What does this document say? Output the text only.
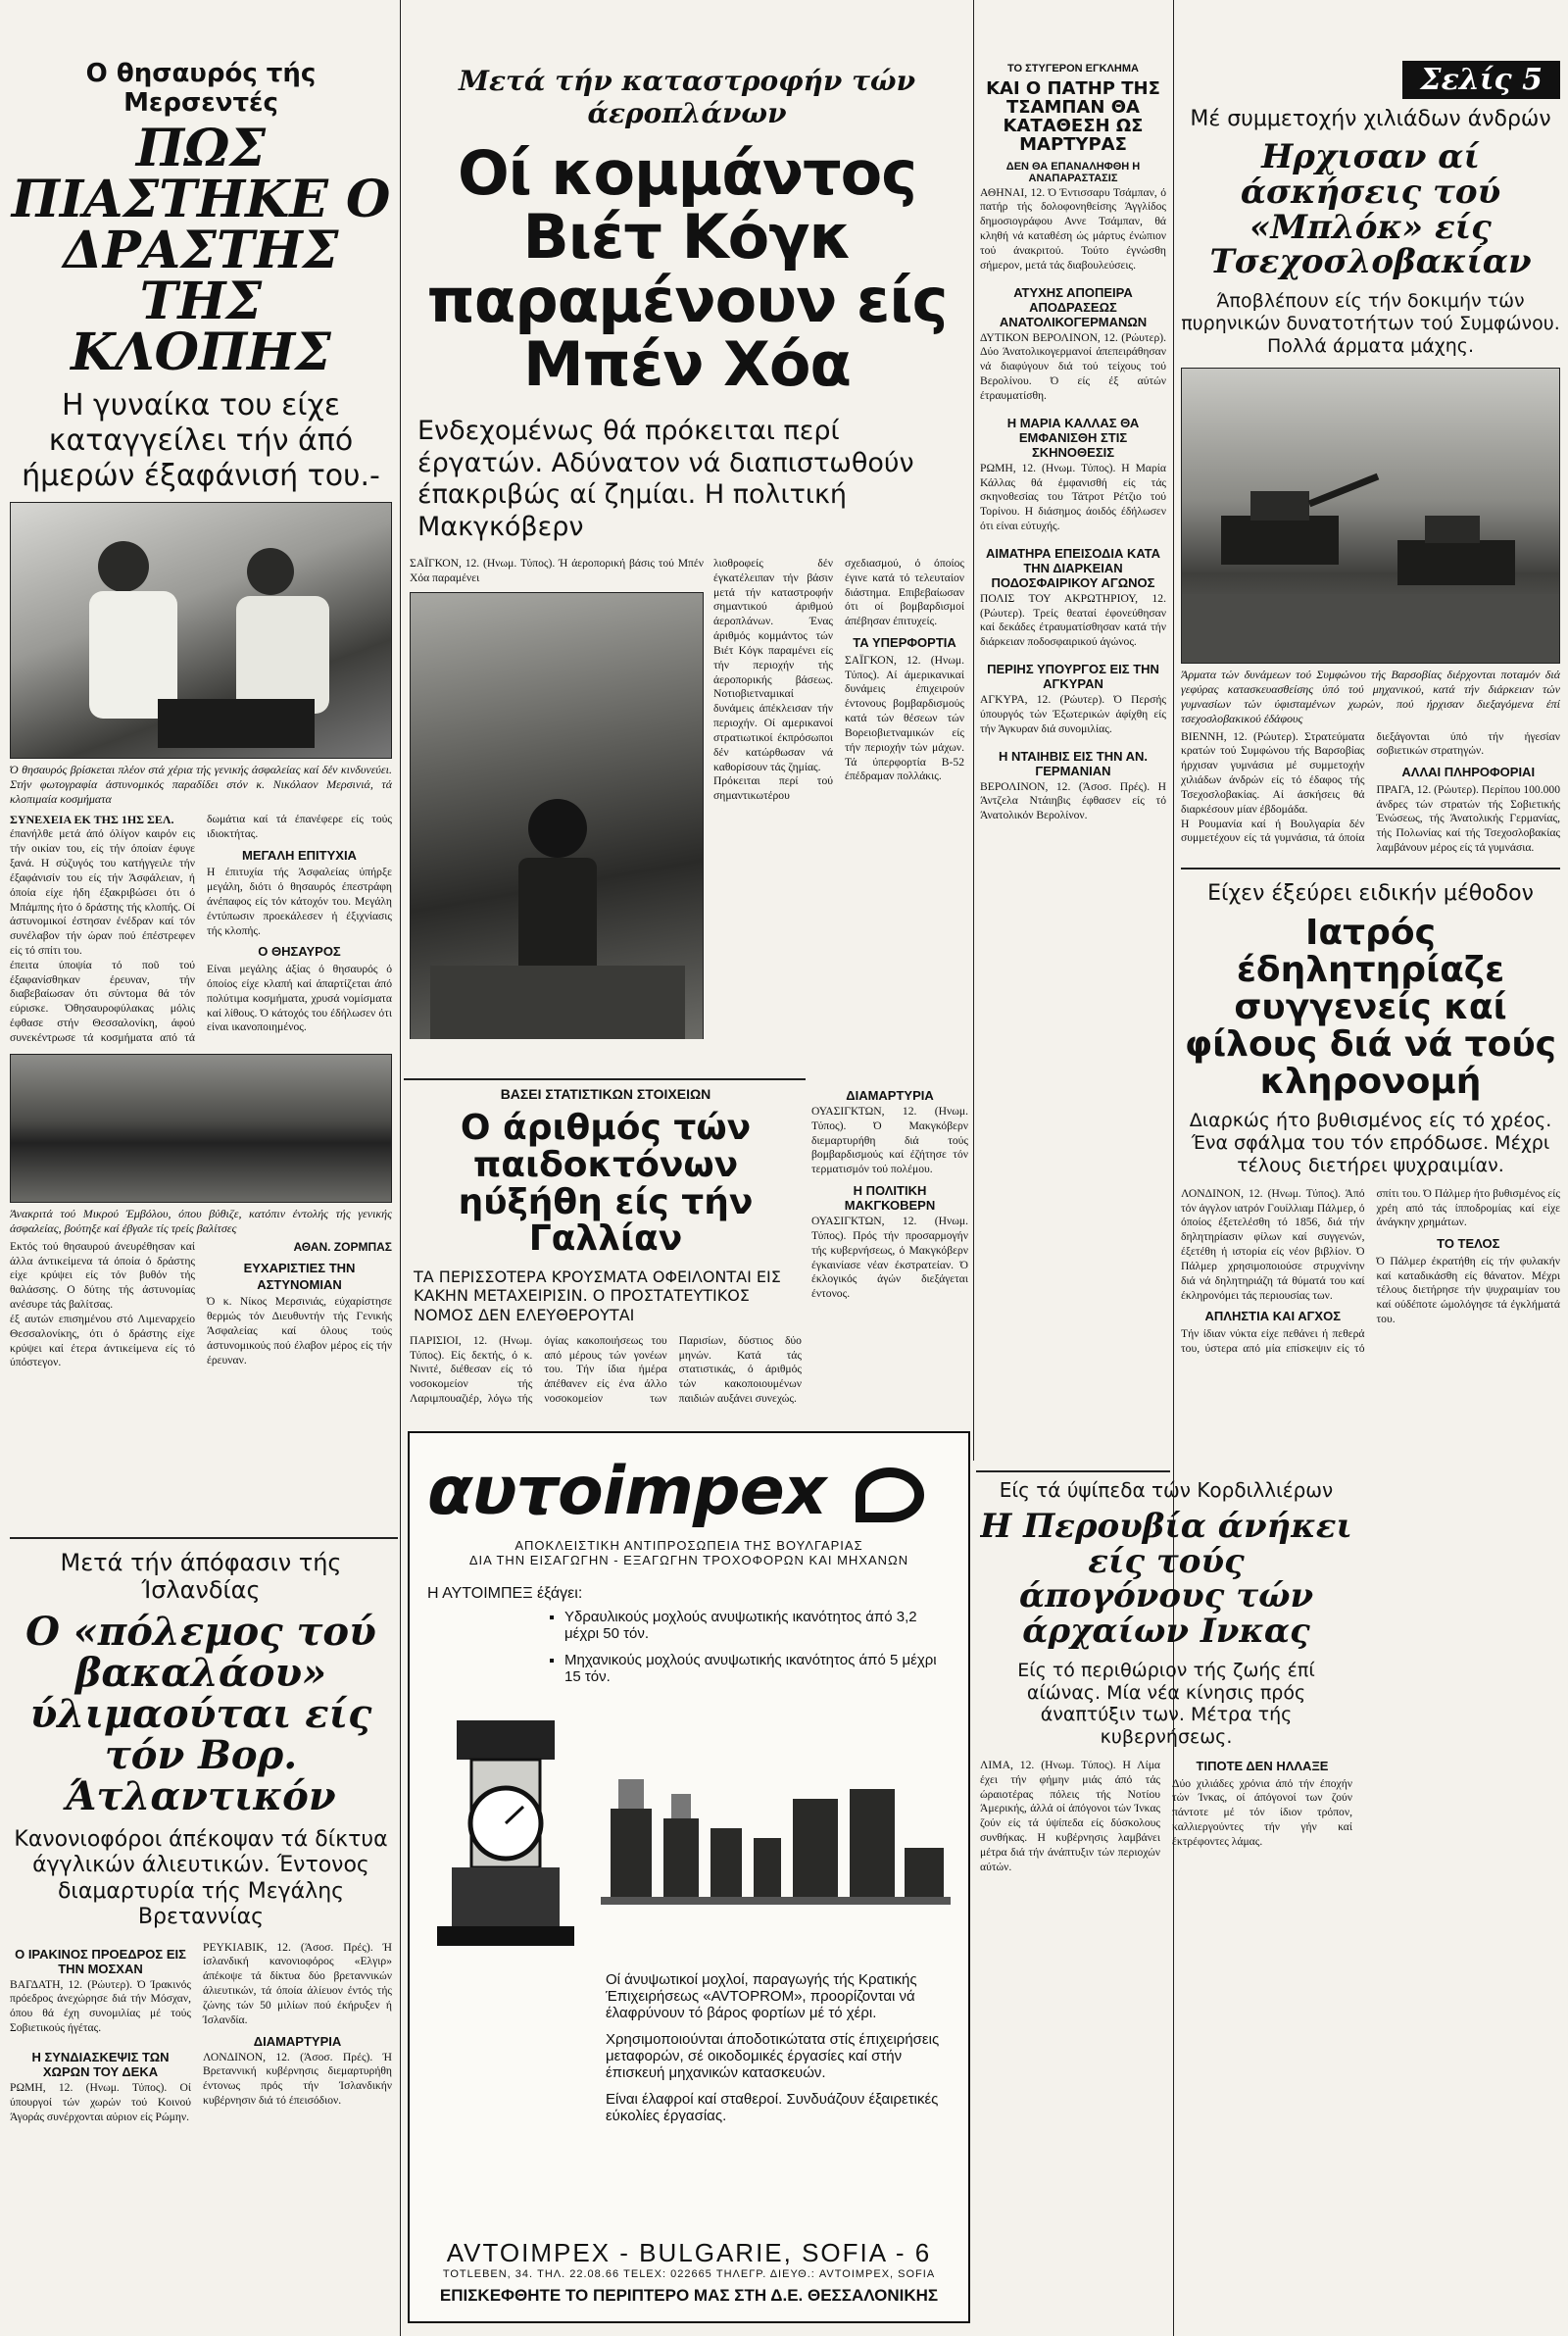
Ο θησαυρός τής Μερσεντές

ΠΩΣ ΠΙΑΣΤΗΚΕ Ο ΔΡΑΣΤΗΣ ΤΗΣ ΚΛΟΠΗΣ

Η γυναίκα του είχε καταγγείλει τήν άπό ήμερών έξαφάνισή του.-

Ό θησαυρός βρίσκεται πλέον στά χέρια τής γενικής άσφαλείας καί δέν κινδυνεύει. Στήν φωτογραφία άστυνομικός παραδίδει στόν κ. Νικόλαον Μερσινιά, τά κλοπιμαία κοσμήματα

ΣΥΝΕΧΕΙΑ ΕΚ ΤΗΣ 1ΗΣ ΣΕΛ.

έπανήλθε μετά άπό όλίγον καιρόν εις τήν οικίαν του, είς τήν όποίαν έφυγε ξανά. Η σύζυγός του κατήγγειλε τήν έξαφάνισίν του είς τήν Άσφάλειαν, ή όποία είχε ήδη έξακριβώσει ότι ό Μπάμπης ήτο ό δράστης τής κλοπής. Οί άστυνομικοί έστησαν ένέδραν καί τόν συνέλαβον τήν ώραν πού έπέστρεφεν είς τό σπίτι του.

έπειτα ύποψία τό ποῦ τού έξαφανίσθηκαν έρευναν, τήν διαβεβαίωσαν ότι σύντομα θά τόν εύρισκε. Όθησαυροφύλακας μόλις έφθασε στήν Θεσσαλονίκη, άφού συνεκέντρωσε τά κοσμήματα από τά δωμάτια καί τά έπανέφερε είς τούς ιδιοκτήτας.

ΜΕΓΑΛΗ ΕΠΙΤΥΧΙΑ

Η έπιτυχία τής Άσφαλείας ύπήρξε μεγάλη, διότι ό θησαυρός έπεστράφη άνέπαφος είς τόν κάτοχόν του. Μεγάλη έντύπωσιν προεκάλεσεν ή έξιχνίασις τής κλοπής.

Ο ΘΗΣΑΥΡΟΣ

Είναι μεγάλης άξίας ό θησαυρός ό όποίος είχε κλαπή καί άπαρτίζεται άπό πολύτιμα κοσμήματα, χρυσά νομίσματα καί λίθους. Ό κάτοχός του έδήλωσεν ότι είναι ικανοποιημένος.

Άνακριτά τού Μικρού Έμβόλου, όπου βύθιζε, κατόπιν έντολής τής γενικής άσφαλείας, βούτηξε καί έβγαλε τίς τρείς βαλίτσες

Εκτός τού θησαυρού άνευρέθησαν καί άλλα άντικείμενα τά όποία ό δράστης είχε κρύψει είς τόν βυθόν τής θαλάσσης. Ο δύτης τής άστυνομίας ανέσυρε τάς βαλίτσας.

έξ αυτών επισημένου στό Λιμεναρχείο Θεσσαλονίκης, ότι ό δράστης είχε κρύψει καί έτερα άντικείμενα είς τό ύπόστεγον.

ΑΘΑΝ. ΖΟΡΜΠΑΣ

ΕΥΧΑΡΙΣΤΙΕΣ ΤΗΝ ΑΣΤΥΝΟΜΙΑΝ

Ό κ. Νίκος Μερσινιάς, εύχαρίστησε θερμώς τόν Διευθυντήν τής Γενικής Άσφαλείας καί όλους τούς άστυνομικούς πού έλαβον μέρος είς τήν έρευναν.

Μετά τήν άπόφασιν τής Ίσλανδίας

Ο «πόλεμος τού βακαλάου» ύλιμαούται είς τόν Βορ. Άτλαντικόν

Κανονιοφόροι άπέκοψαν τά δίκτυα άγγλικών άλιευτικών. Έντονος διαμαρτυρία τής Μεγάλης Βρεταννίας

Ο ΙΡΑΚΙΝΟΣ ΠΡΟΕΔΡΟΣ ΕΙΣ ΤΗΝ ΜΟΣΧΑΝ

ΒΑΓΔΑΤΗ, 12. (Ρώυτερ). Ό Ίρακινός πρόεδρος άνεχώρησε διά τήν Μόσχαν, όπου θά έχη συνομιλίας μέ τούς Σοβιετικούς ήγέτας.

Η ΣΥΝΔΙΑΣΚΕΨΙΣ ΤΩΝ ΧΩΡΩΝ ΤΟΥ ΔΕΚΑ

ΡΩΜΗ, 12. (Ηνωμ. Τύπος). Οί ύπουργοί τών χωρών τού Κοινού Άγοράς συνέρχονται αύριον είς Ρώμην.

ΡΕΥΚΙΑΒΙΚ, 12. (Άσοσ. Πρές). Ή ίσλανδική κανονιοφόρος «Ελγιρ» άπέκοψε τά δίκτυα δύο βρεταννικών άλιευτικών, τά όποία άλίευον έντός τής ζώνης τών 50 μιλίων πού έκήρυξεν ή Ίσλανδία.

ΔΙΑΜΑΡΤΥΡΙΑ

ΛΟΝΔΙΝΟΝ, 12. (Άσοσ. Πρές). Ή Βρεταννική κυβέρνησις διεμαρτυρήθη έντονως πρός τήν Ίσλανδικήν κυβέρνησιν διά τό έπεισόδιον.

Μετά τήν καταστροφήν τών άεροπλάνων

Οί κομμάντος Βιέτ Κόγκ παραμένουν είς Μπέν Χόα

Ενδεχομένως θά πρόκειται περί έργατών. Αδύνατον νά διαπιστωθούν έπακριβώς αί ζημίαι. Η πολιτική Μακγκόβερν

ΣΑΪΓΚΟΝ, 12. (Ηνωμ. Τύπος). Ή άεροπορική βάσις τού Μπέν Χόα παραμένει

λιοθροφείς δέν έγκατέλειπαν τήν βάσιν μετά τήν καταστροφήν σημαντικού άριθμού άεροπλάνων. Ένας άριθμός κομμάντος τών Βιέτ Κόγκ παραμένει είς τήν περιοχήν τής άεροπορικής βάσεως. Νοτιοβιετναμικαί δυνάμεις άπέκλεισαν τήν περιοχήν. Οί αμερικανοί στρατιωτικοί έκπρόσωποι δέν κατώρθωσαν νά καθορίσουν τάς ζημίας.

Πρόκειται περί τού σημαντικωτέρου σχεδιασμού, ό όποίος έγινε κατά τό τελευταίον διάστημα. Επιβεβαίωσαν ότι οί βομβαρδισμοί άπέβησαν έπιτυχείς.

ΤΑ ΥΠΕΡΦΟΡΤΙΑ

ΣΑΪΓΚΟΝ, 12. (Ηνωμ. Τύπος). Αί άμερικανικαί δυνάμεις έπιχειρούν έντονους βομβαρδισμούς κατά τών θέσεων τών Βορειοβιετναμικών είς τήν περιοχήν τών μάχων. Τά ύπερφορτία Β-52 έπέδραμαν πολλάκις.

ΒΑΣΕΙ ΣΤΑΤΙΣΤΙΚΩΝ ΣΤΟΙΧΕΙΩΝ

Ο άριθμός τών παιδοκτόνων ηύξήθη είς τήν Γαλλίαν

ΤΑ ΠΕΡΙΣΣΟΤΕΡΑ ΚΡΟΥΣΜΑΤΑ ΟΦΕΙΛΟΝΤΑΙ ΕΙΣ ΚΑΚΗΝ ΜΕΤΑΧΕΙΡΙΣΙΝ. Ο ΠΡΟΣΤΑΤΕΥΤΙΚΟΣ ΝΟΜΟΣ ΔΕΝ ΕΛΕΥΘΕΡΟΥΤΑΙ

ΠΑΡΙΣΙΟΙ, 12. (Ηνωμ. Τύπος). Είς δεκτής, ό κ. Νινιτέ, διέθεσαν είς τό νοσοκομείον τής Λαριμπουαζιέρ, λόγω τής όγίας κακοποιήσεως του από μέρους τών γονέων του. Τήν ίδια ήμέρα άπέθανεν είς ένα άλλο νοσοκομείον των Παρισίων, δύστιος δύο μηνών. Κατά τάς στατιστικάς, ό άριθμός τών κακοποιουμένων παιδιών αυξάνει συνεχώς.

ΔΙΑΜΑΡΤΥΡΙΑ

ΟΥΑΣΙΓΚΤΩΝ, 12. (Ηνωμ. Τύπος). Ό Μακγκόβερν διεμαρτυρήθη διά τούς βομβαρδισμούς καί έζήτησε τόν τερματισμόν τού πολέμου.

Η ΠΟΛΙΤΙΚΗ ΜΑΚΓΚΟΒΕΡΝ

ΟΥΑΣΙΓΚΤΩΝ, 12. (Ηνωμ. Τύπος). Πρός τήν προσαρμογήν τής κυβερνήσεως, ό Μακγκόβερν έγκαινίασε νέαν έκστρατείαν. Ό έκλογικός άγών διεξάγεται έντονος.

αυτοimpex

ΑΠΟΚΛΕΙΣΤΙΚΗ ΑΝΤΙΠΡΟΣΩΠΕΙΑ ΤΗΣ ΒΟΥΛΓΑΡΙΑΣ

ΔΙΑ ΤΗΝ ΕΙΣΑΓΩΓΗΝ - ΕΞΑΓΩΓΗΝ ΤΡΟΧΟΦΟΡΩΝ ΚΑΙ ΜΗΧΑΝΩΝ

Η ΑΥΤΟΙΜΠΕΞ έξάγει:

▪ Υδραυλικούς μοχλούς ανυψωτικής ικανότητος άπό 3,2 μέχρι 50 τόν.
▪ Μηχανικούς μοχλούς ανυψωτικής ικανότητος άπό 5 μέχρι 15 τόν.

Οί άνυψωτικοί μοχλοί, παραγωγής τής Κρατικής Έπιχειρήσεως «AVTOPROM», προορίζονται νά έλαφρύνουν τό βάρος φορτίων μέ τό χέρι.

Χρησιμοποιούνται άποδοτικώτατα στίς έπιχειρήσεις μεταφορών, σέ οικοδομικές έργασίες καί στήν έπισκευή μηχανικών κατασκευών.

Είναι έλαφροί καί σταθεροί. Συνδυάζουν έξαιρετικές εύκολίες έργασίας.

AVTOIMPEX - BULGARIE, SOFIA - 6

TOTLEBEN, 34. ΤΗΛ. 22.08.66 TELEX: 022665 ΤΗΛΕΓΡ. ΔΙΕΥΘ.: AVTOIMPEX, SOFIA

ΕΠΙΣΚΕΦΘΗΤΕ ΤΟ ΠΕΡΙΠΤΕΡΟ ΜΑΣ ΣΤΗ Δ.Ε. ΘΕΣΣΑΛΟΝΙΚΗΣ

ΤΟ ΣΤΥΓΕΡΟΝ ΕΓΚΛΗΜΑ

ΚΑΙ Ο ΠΑΤΗΡ ΤΗΣ ΤΣΑΜΠΑΝ ΘΑ ΚΑΤΑΘΕΣΗ ΩΣ ΜΑΡΤΥΡΑΣ

ΔΕΝ ΘΑ ΕΠΑΝΑΛΗΦΘΗ Η ΑΝΑΠΑΡΑΣΤΑΣΙΣ

ΑΘΗΝΑΙ, 12. Ό Έντισσαρυ Τσάμπαν, ό πατήρ τής δολοφονηθείσης Άγγλίδος δημοσιογράφου Αννε Τσάμπαν, θά κληθή νά καταθέση ώς μάρτυς ένώπιον τού άνακριτού. Τούτο έγνώσθη σήμερον, μετά τάς διαβουλεύσεις.

ΑΤΥΧΗΣ ΑΠΟΠΕΙΡΑ ΑΠΟΔΡΑΣΕΩΣ ΑΝΑΤΟΛΙΚΟΓΕΡΜΑΝΩΝ

ΔΥΤΙΚΟΝ ΒΕΡΟΛΙΝΟΝ, 12. (Ρώυτερ). Δύο Άνατολικογερμανοί άπεπειράθησαν νά διαφύγουν διά τού τείχους τού Βερολίνου. Ό είς έξ αύτών έτραυματίσθη.

Η ΜΑΡΙΑ ΚΑΛΛΑΣ ΘΑ ΕΜΦΑΝΙΣΘΗ ΣΤΙΣ ΣΚΗΝΟΘΕΣΙΣ

ΡΩΜΗ, 12. (Ηνωμ. Τύπος). Η Μαρία Κάλλας θά έμφανισθή είς τάς σκηνοθεσίας του Τάτροτ Ρέτζιο τού Τορίνου. Η διάσημος άοιδός έδήλωσεν ότι είναι εύτυχής.

ΑΙΜΑΤΗΡΑ ΕΠΕΙΣΟΔΙΑ ΚΑΤΑ ΤΗΝ ΔΙΑΡΚΕΙΑΝ ΠΟΔΟΣΦΑΙΡΙΚΟΥ ΑΓΩΝΟΣ

ΠΟΛΙΣ ΤΟΥ ΑΚΡΩΤΗΡΙΟΥ, 12. (Ρώυτερ). Τρείς θεαταί έφονεύθησαν καί δεκάδες έτραυματίσθησαν κατά τήν διάρκειαν ποδοσφαιρικού άγώνος.

ΠΕΡΙΗΣ ΥΠΟΥΡΓΟΣ ΕΙΣ ΤΗΝ ΑΓΚΥΡΑΝ

ΑΓΚΥΡΑ, 12. (Ρώυτερ). Ό Περσής ύπουργός τών Έξωτερικών άφίχθη είς τήν Άγκυραν διά συνομιλίας.

Η ΝΤΑΙΗΒΙΣ ΕΙΣ ΤΗΝ ΑΝ. ΓΕΡΜΑΝΙΑΝ

ΒΕΡΟΛΙΝΟΝ, 12. (Άσοσ. Πρές). Η Άντζελα Ντάιηβις έφθασεν είς τό Άνατολικόν Βερολίνον.

Είς τά ύψίπεδα τών Κορδιλλιέρων

Η Περουβία άνήκει είς τούς άπογόνους τών άρχαίων Ινκας

Είς τό περιθώριον τής ζωής έπί αίώνας. Μία νέα κίνησις πρός άναπτύξιν των. Μέτρα τής κυβερνήσεως.

ΛΙΜΑ, 12. (Ηνωμ. Τύπος). Η Λίμα έχει τήν φήμην μιάς άπό τάς ώραιοτέρας πόλεις τής Νοτίου Άμερικής, άλλά οί άπόγονοι τών Ίνκας ζούν είς τά ύψίπεδα είς δύσκολους συνθήκας. Η κυβέρνησις λαμβάνει μέτρα διά τήν άνάπτυξιν τών περιοχών αύτών.

ΤΙΠΟΤΕ ΔΕΝ ΗΛΛΑΞΕ

Δύο χιλιάδες χρόνια άπό τήν έποχήν τών Ίνκας, οί άπόγονοί των ζούν πάντοτε μέ τόν ίδιον τρόπον, καλλιεργούντες τήν γήν καί έκτρέφοντες λάμας.

Σελίς 5

Μέ συμμετοχήν χιλιάδων άνδρών

Ηρχισαν αί άσκήσεις τού «Μπλόκ» είς Τσεχοσλοβακίαν

Άποβλέπουν είς τήν δοκιμήν τών πυρηνικών δυνατοτήτων τού Συμφώνου. Πολλά άρματα μάχης.

Άρματα τών δυνάμεων τού Συμφώνου τής Βαρσοβίας διέρχονται ποταμόν διά γεφύρας κατασκευασθείσης ύπό τού μηχανικού, κατά τήν διάρκειαν τών γυμνασίων τών ύφισταμένων χωρών, πού ήρχισαν διεξαγόμενα έπί τσεχοσλοβακικού έδάφους

ΒΙΕΝΝΗ, 12. (Ρώυτερ). Στρατεύματα κρατών τού Συμφώνου τής Βαρσοβίας ήρχισαν γυμνάσια μέ συμμετοχήν χιλιάδων άνδρών είς τό έδαφος τής Τσεχοσλοβακίας. Αί άσκήσεις θά διαρκέσουν μίαν έβδομάδα.

Η Ρουμανία καί ή Βουλγαρία δέν συμμετέχουν είς τά γυμνάσια, τά όποία διεξάγονται ύπό τήν ήγεσίαν σοβιετικών στρατηγών.

ΑΛΛΑΙ ΠΛΗΡΟΦΟΡΙΑΙ

ΠΡΑΓΑ, 12. (Ρώυτερ). Περίπου 100.000 άνδρες τών στρατών τής Σοβιετικής Ένώσεως, τής Άνατολικής Γερμανίας, τής Πολωνίας καί τής Τσεχοσλοβακίας λαμβάνουν μέρος είς τά γυμνάσια.

Είχεν έξεύρει ειδικήν μέθοδον

Ιατρός έδηλητηρίαζε συγγενείς καί φίλους διά νά τούς κληρονομή

Διαρκώς ήτο βυθισμένος είς τό χρέος. Ένα σφάλμα του τόν επρόδωσε. Μέχρι τέλους διετήρει ψυχραιμίαν.

ΛΟΝΔΙΝΟΝ, 12. (Ηνωμ. Τύπος). Άπό τόν άγγλον ιατρόν Γουίλλιαμ Πάλμερ, ό όποίος έξετελέσθη τό 1856, διά τήν δηλητηρίασιν φίλων καί συγγενών, έξετέθη ή ιστορία είς νέον βιβλίον. Ό Πάλμερ χρησιμοποιούσε στρυχνίνην διά νά δηλητηριάζη τά θύματά του καί έκληρονόμει τάς περιουσίας των.

ΑΠΛΗΣΤΙΑ ΚΑΙ ΑΓΧΟΣ

Τήν ίδιαν νύκτα είχε πεθάνει ή πεθερά του, ύστερα από μία επίσκεψιν είς τό σπίτι του. Ό Πάλμερ ήτο βυθισμένος είς χρέη από τάς ίπποδρομίας καί είχε άνάγκην χρημάτων.

ΤΟ ΤΕΛΟΣ

Ό Πάλμερ έκρατήθη είς τήν φυλακήν καί καταδικάσθη είς θάνατον. Μέχρι τέλους διετήρησε τήν ψυχραιμίαν του καί ούδέποτε ώμολόγησε τά έγκλήματά του.
